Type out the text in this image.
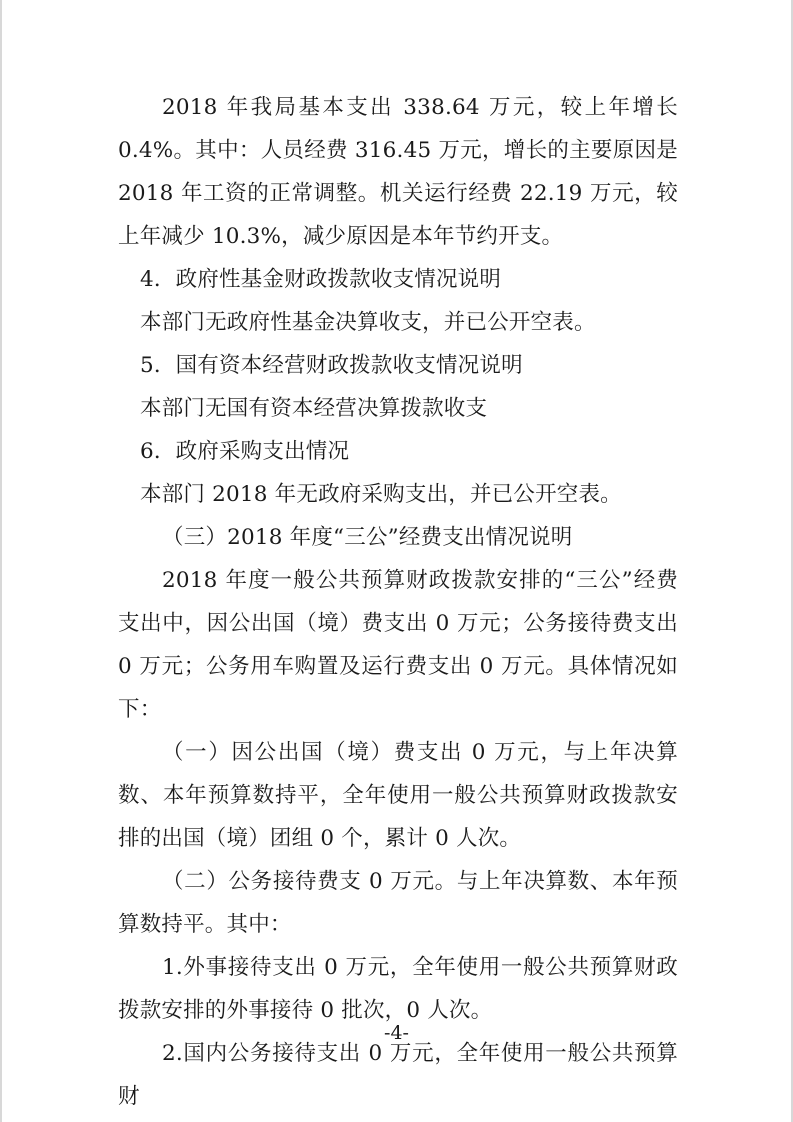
2018 年我局基本支出 338.64 万元，较上年增长 0.4%。其中：人员经费 316.45 万元，增长的主要原因是 2018 年工资的正常调整。机关运行经费 22.19 万元，较上年减少 10.3%，减少原因是本年节约开支。

4．政府性基金财政拨款收支情况说明

本部门无政府性基金决算收支，并已公开空表。

5．国有资本经营财政拨款收支情况说明

本部门无国有资本经营决算拨款收支

6．政府采购支出情况

本部门 2018 年无政府采购支出，并已公开空表。

（三）2018 年度“三公”经费支出情况说明

2018 年度一般公共预算财政拨款安排的“三公”经费支出中，因公出国（境）费支出 0 万元；公务接待费支出 0 万元；公务用车购置及运行费支出 0 万元。具体情况如下：

（一）因公出国（境）费支出 0 万元，与上年决算数、本年预算数持平，全年使用一般公共预算财政拨款安排的出国（境）团组 0 个，累计 0 人次。

（二）公务接待费支 0 万元。与上年决算数、本年预算数持平。其中：

1.外事接待支出 0 万元，全年使用一般公共预算财政拨款安排的外事接待 0 批次，0 人次。

2.国内公务接待支出 0 万元，全年使用一般公共预算财

-4-
